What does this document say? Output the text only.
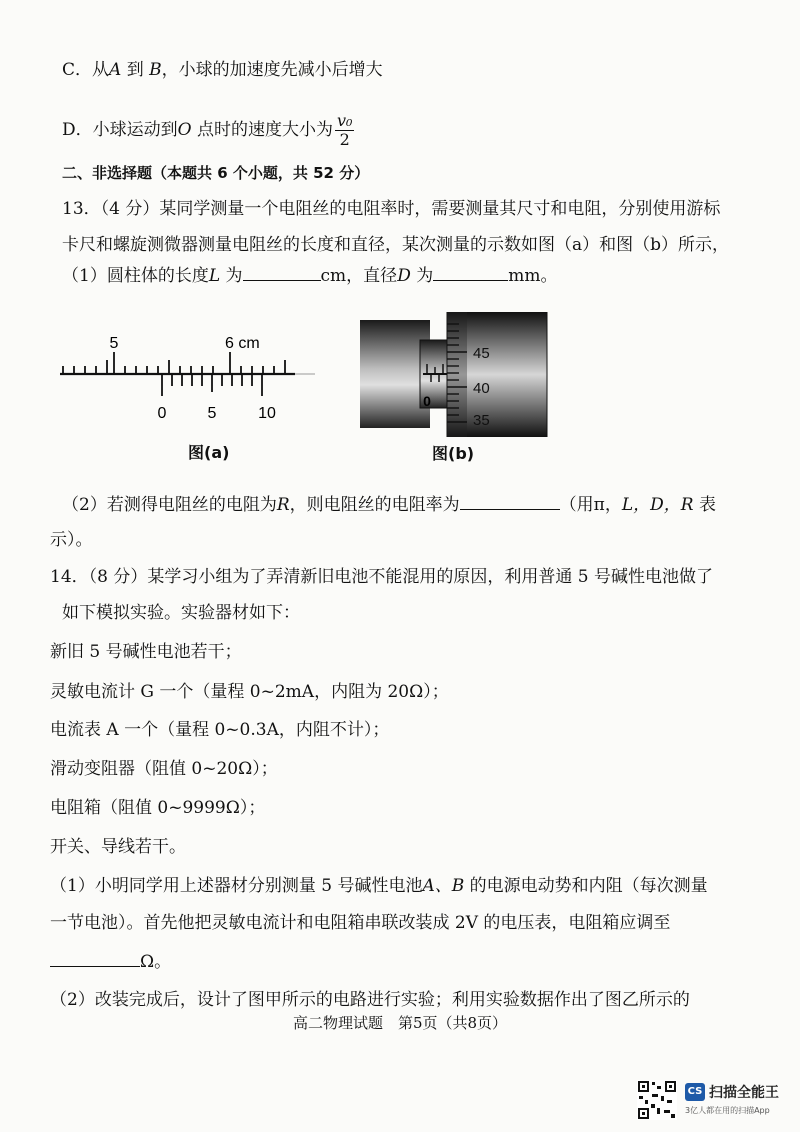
C．从A 到 B，小球的加速度先减小后增大
D．小球运动到O 点时的速度大小为 $\frac{\text{v₀}}{2}$
二、非选择题（本题共 6 个小题，共 52 分）
13．（4 分）某同学测量一个电阻丝的电阻率时，需要测量其尺寸和电阻，分别使用游标
卡尺和螺旋测微器测量电阻丝的长度和直径，某次测量的示数如图（a）和图（b）所示，
（1）圆柱体的长度L 为	cm，直径D 为	mm。
5	6 cm
0	5	10
图(a)
0
45
40
35
图(b)
（2）若测得电阻丝的电阻为R，则电阻丝的电阻率为	（用π，L，D，R 表
示）。
14．（8 分）某学习小组为了弄清新旧电池不能混用的原因，利用普通 5 号碱性电池做了
如下模拟实验。实验器材如下：
新旧 5 号碱性电池若干；
灵敏电流计 G 一个（量程 0~2mA，内阻为 20Ω）；
电流表 A 一个（量程 0~0.3A，内阻不计）；
滑动变阻器（阻值 0~20Ω）；
电阻箱（阻值 0~9999Ω）；
开关、导线若干。
（1）小明同学用上述器材分别测量 5 号碱性电池A、B 的电源电动势和内阻（每次测量
一节电池）。首先他把灵敏电流计和电阻箱串联改装成 2V 的电压表，电阻箱应调至
Ω。
（2）改装完成后，设计了图甲所示的电路进行实验；利用实验数据作出了图乙所示的
高二物理试题　第5页（共8页）
CS 扫描全能王
3亿人都在用的扫描App
